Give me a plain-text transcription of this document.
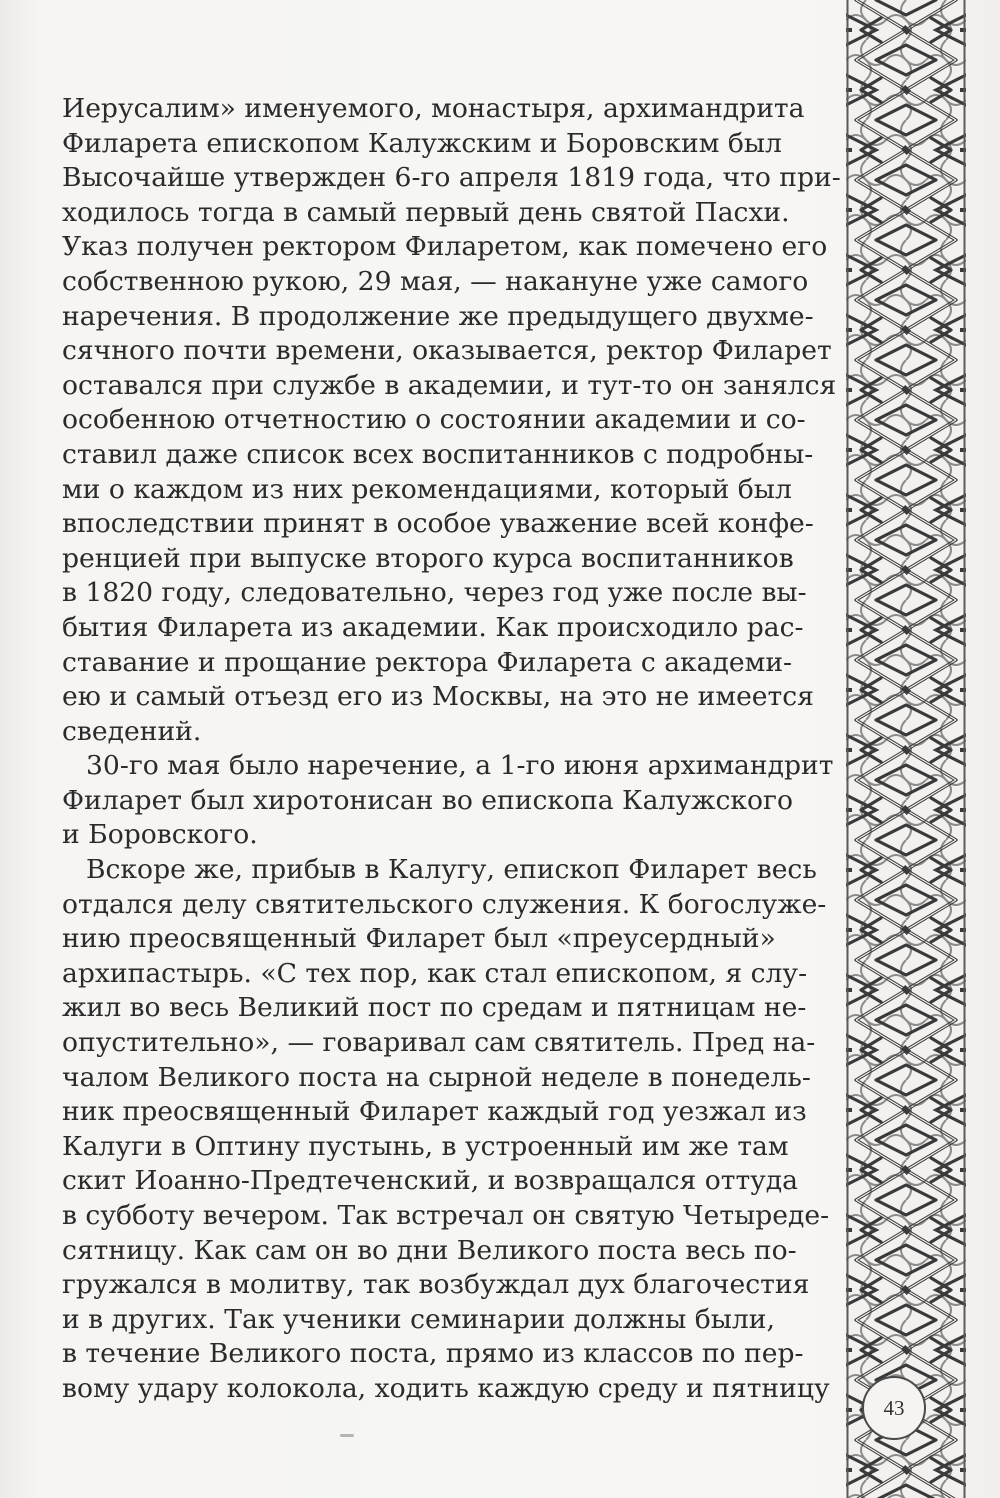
Иерусалим» именуемого, монастыря, архимандрита
Филарета епископом Калужским и Боровским был
Высочайше утвержден 6-го апреля 1819 года, что при-
ходилось тогда в самый первый день святой Пасхи.
Указ получен ректором Филаретом, как помечено его
собственною рукою, 29 мая, — накануне уже самого
наречения. В продолжение же предыдущего двухме-
сячного почти времени, оказывается, ректор Филарет
оставался при службе в академии, и тут-то он занялся
особенною отчетностию о состоянии академии и со-
ставил даже список всех воспитанников с подробны-
ми о каждом из них рекомендациями, который был
впоследствии принят в особое уважение всей конфе-
ренцией при выпуске второго курса воспитанников
в 1820 году, следовательно, через год уже после вы-
бытия Филарета из академии. Как происходило рас-
ставание и прощание ректора Филарета с академи-
ею и самый отъезд его из Москвы, на это не имеется
сведений.
30-го мая было наречение, а 1-го июня архимандрит
Филарет был хиротонисан во епископа Калужского
и Боровского.
Вскоре же, прибыв в Калугу, епископ Филарет весь
отдался делу святительского служения. К богослуже-
нию преосвященный Филарет был «преусердный»
архипастырь. «С тех пор, как стал епископом, я слу-
жил во весь Великий пост по средам и пятницам не-
опустительно», — говаривал сам святитель. Пред на-
чалом Великого поста на сырной неделе в понедель-
ник преосвященный Филарет каждый год уезжал из
Калуги в Оптину пустынь, в устроенный им же там
скит Иоанно-Предтеченский, и возвращался оттуда
в субботу вечером. Так встречал он святую Четыреде-
сятницу. Как сам он во дни Великого поста весь по-
гружался в молитву, так возбуждал дух благочестия
и в других. Так ученики семинарии должны были,
в течение Великого поста, прямо из классов по пер-
вому удару колокола, ходить каждую среду и пятницу
43
